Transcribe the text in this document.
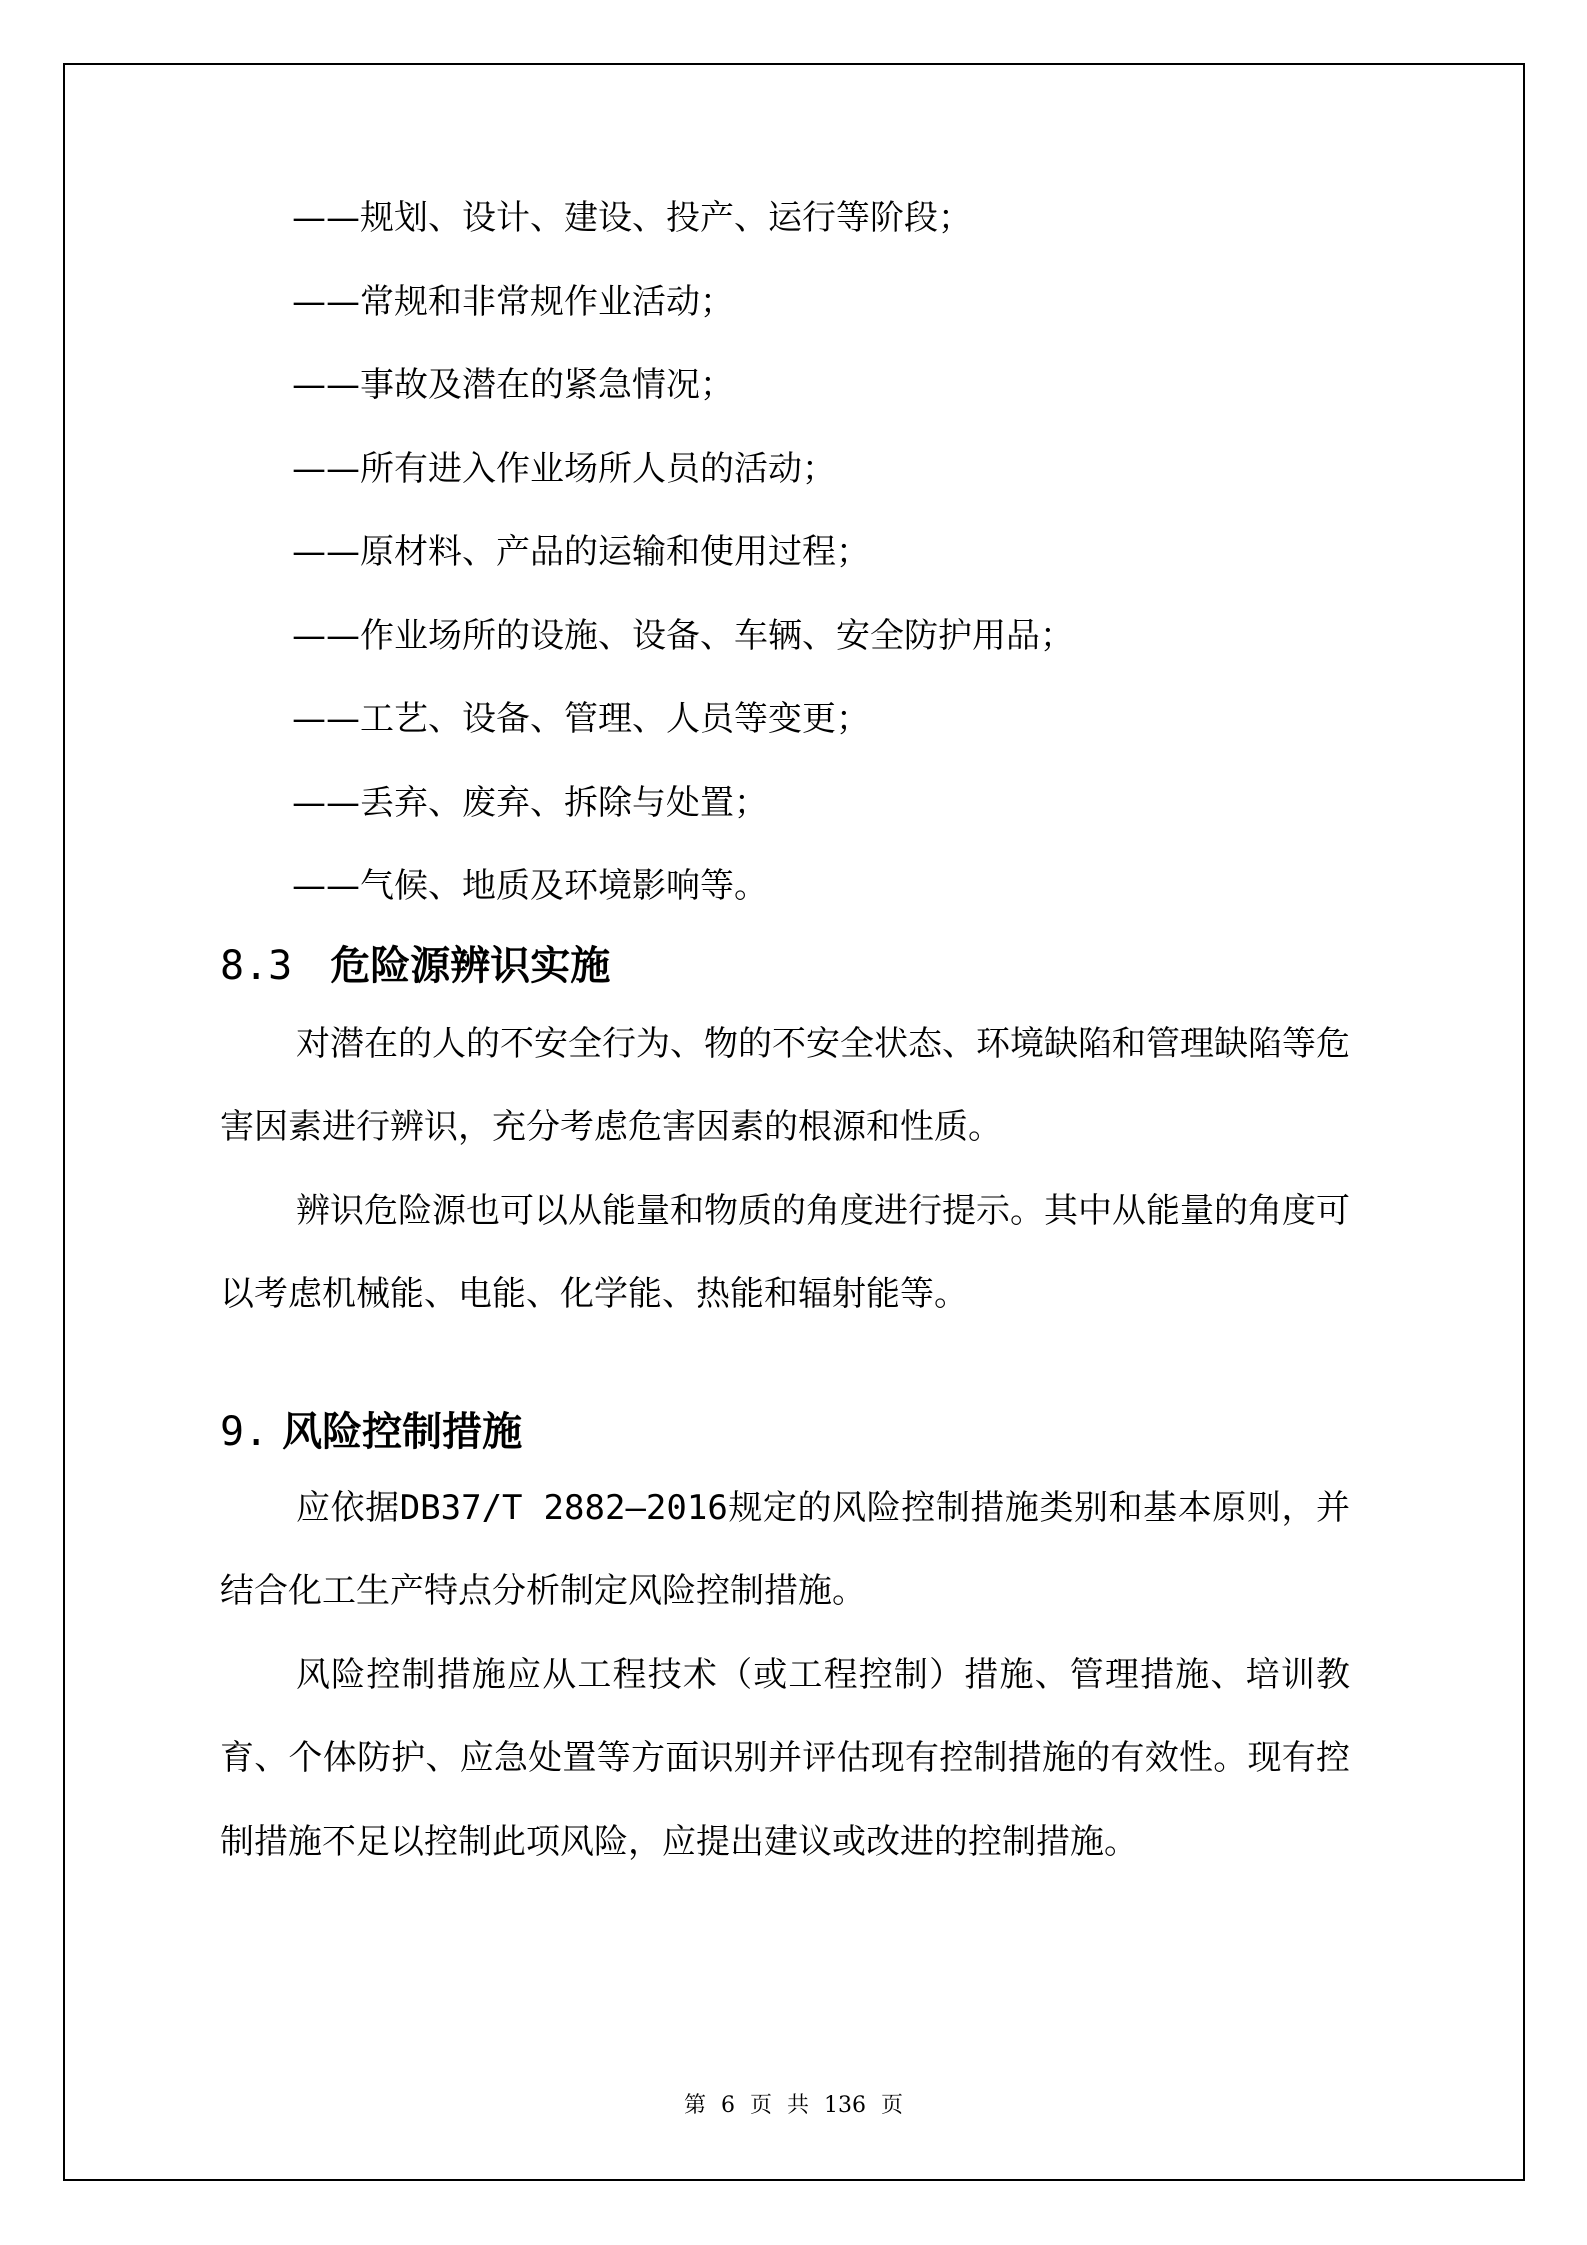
——规划、设计、建设、投产、运行等阶段；
——常规和非常规作业活动；
——事故及潜在的紧急情况；
——所有进入作业场所人员的活动；
——原材料、产品的运输和使用过程；
——作业场所的设施、设备、车辆、安全防护用品；
——工艺、设备、管理、人员等变更；
——丢弃、废弃、拆除与处置；
——气候、地质及环境影响等。
8.3 危险源辨识实施

对潜在的人的不安全行为、物的不安全状态、环境缺陷和管理缺陷等危害因素进行辨识，充分考虑危害因素的根源和性质。

辨识危险源也可以从能量和物质的角度进行提示。其中从能量的角度可以考虑机械能、电能、化学能、热能和辐射能等。

9. 风险控制措施

应依据DB37/T 2882—2016规定的风险控制措施类别和基本原则，并结合化工生产特点分析制定风险控制措施。

风险控制措施应从工程技术（或工程控制）措施、管理措施、培训教育、个体防护、应急处置等方面识别并评估现有控制措施的有效性。现有控制措施不足以控制此项风险，应提出建议或改进的控制措施。

第 6 页 共 136 页
